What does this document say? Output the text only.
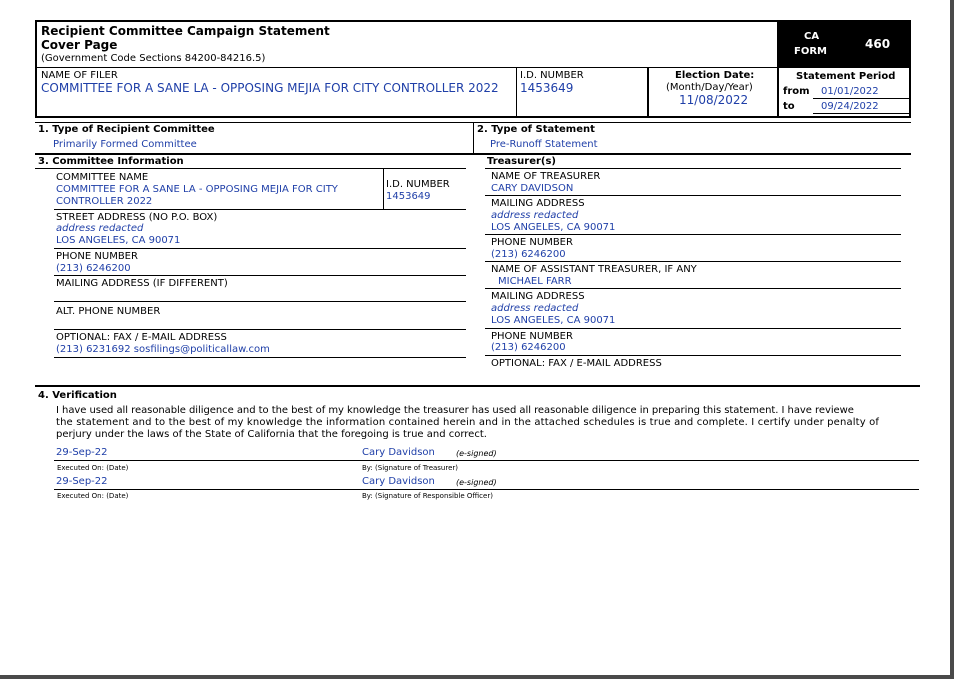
Recipient Committee Campaign Statement
Cover Page
(Government Code Sections 84200-84216.5)
CA
FORM
460
NAME OF FILER
COMMITTEE FOR A SANE LA - OPPOSING MEJIA FOR CITY CONTROLLER 2022
I.D. NUMBER
1453649
Election Date:
(Month/Day/Year)
11/08/2022
Statement Period
from 01/01/2022
to	09/24/2022
1. Type of Recipient Committee
Primarily Formed Committee
2. Type of Statement
Pre-Runoff Statement
3. Committee Information
COMMITTEE NAME
COMMITTEE FOR A SANE LA - OPPOSING MEJIA FOR CITY
CONTROLLER 2022
I.D. NUMBER
1453649
STREET ADDRESS (NO P.O. BOX)
address redacted
LOS ANGELES, CA 90071
PHONE NUMBER
(213) 6246200
MAILING ADDRESS (IF DIFFERENT)
ALT. PHONE NUMBER
OPTIONAL: FAX / E-MAIL ADDRESS
(213) 6231692 sosfilings@politicallaw.com
Treasurer(s)
NAME OF TREASURER
CARY DAVIDSON
MAILING ADDRESS
address redacted
LOS ANGELES, CA 90071
PHONE NUMBER
(213) 6246200
NAME OF ASSISTANT TREASURER, IF ANY
MICHAEL FARR
MAILING ADDRESS
address redacted
LOS ANGELES, CA 90071
PHONE NUMBER
(213) 6246200
OPTIONAL: FAX / E-MAIL ADDRESS
4. Verification
I have used all reasonable diligence and to the best of my knowledge the treasurer has used all reasonable diligence in preparing this statement. I have reviewe
the statement and to the best of my knowledge the information contained herein and in the attached schedules is true and complete. I certify under penalty of
perjury under the laws of the State of California that the foregoing is true and correct.
29-Sep-22	Cary Davidson	(e-signed)
Executed On: (Date)	By: (Signature of Treasurer)
29-Sep-22	Cary Davidson	(e-signed)
Executed On: (Date)	By: (Signature of Responsible Officer)
